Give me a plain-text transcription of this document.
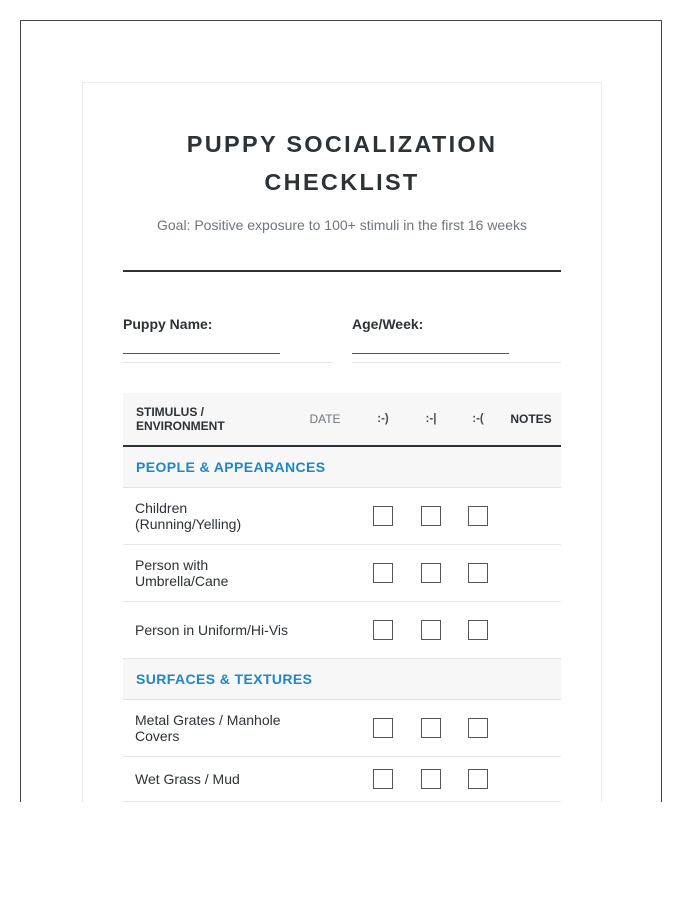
PUPPY SOCIALIZATION
CHECKLIST
Goal: Positive exposure to 100+ stimuli in the first 16 weeks
Puppy Name:	Age/Week:
STIMULUS /
ENVIRONMENT	DATE	:-)	:-|	:-(	NOTES
PEOPLE & APPEARANCES					
Children (Running/Yelling)					
Person with Umbrella/Cane					
Person in Uniform/Hi-Vis					
SURFACES & TEXTURES					
Metal Grates / Manhole Covers					
Wet Grass / Mud					
